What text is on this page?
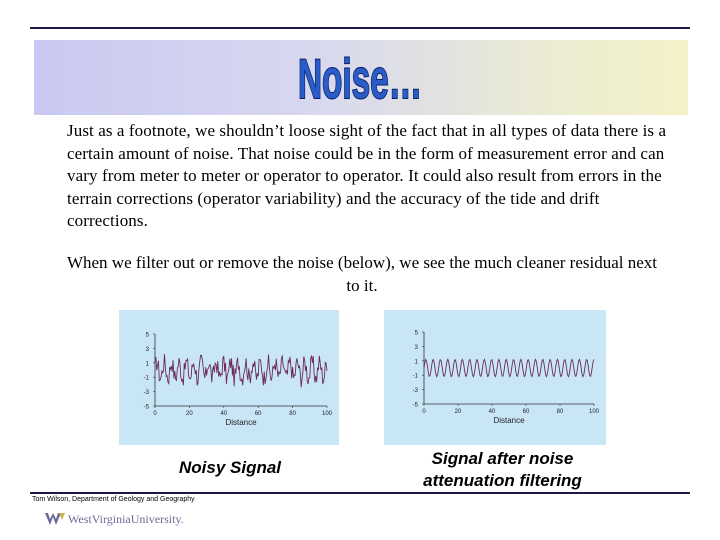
Noise…

Just as a footnote, we shouldn’t loose sight of the fact that in all types of data there is a certain amount of noise. That noise could be in the form of measurement error and can vary from meter to meter or operator to operator. It could also result from errors in the terrain corrections (operator variability) and the accuracy of the tide and drift corrections.

When we filter out or remove the noise (below), we see the much cleaner residual next to it.

5
3
1
-1
-3
-5
0	20	40	60	80	100
Distance
5
3
1
-1
-3
-5
0	20	40	60	80	100
Distance
Noisy Signal	Signal after noise attenuation filtering
Tom Wilson, Department of Geology and Geography
WestVirginiaUniversity.
